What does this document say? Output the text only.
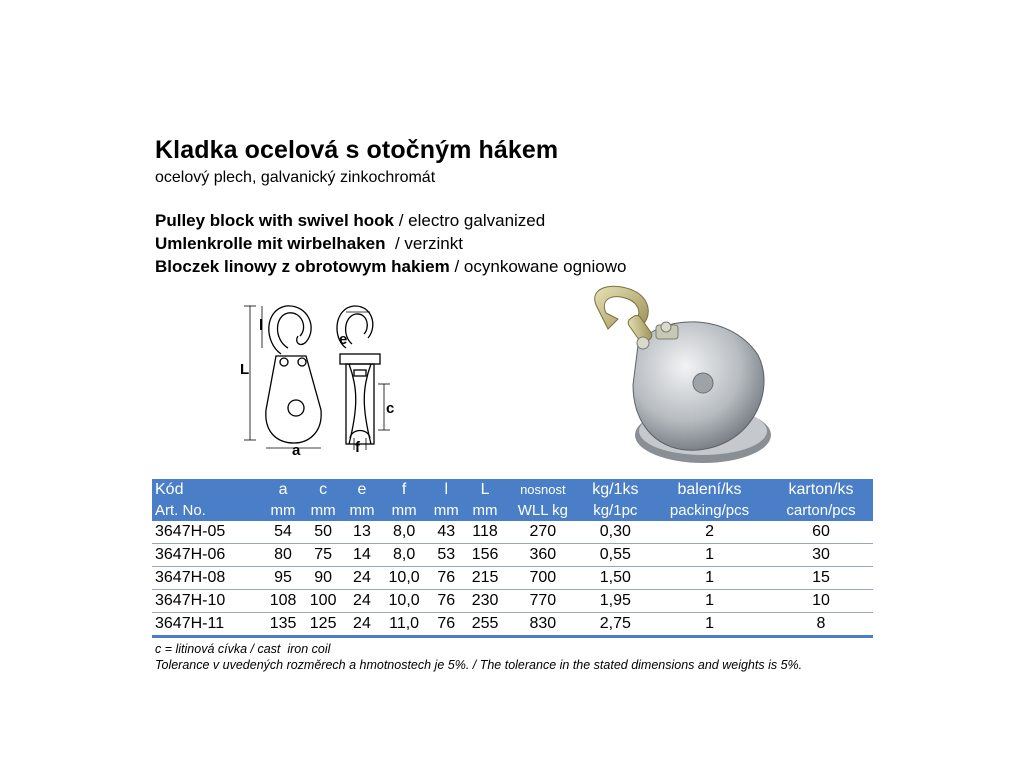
Kladka ocelová s otočným hákem
ocelový plech, galvanický zinkochromát
Pulley block with swivel hook / electro galvanized
Umlenkrolle mit wirbelhaken  / verzinkt
Bloczek linowy z obrotowym hakiem / ocynkowane ogniowo
l
L
a
e
c
f
Kód	a	c	e	f	l	L	nosnost	kg/1ks	balení/ks	karton/ks
Art. No.	mm	mm	mm	mm	mm	mm	WLL kg	kg/1pc	packing/pcs	carton/pcs
3647H-05	54	50	13	8,0	43	118	270	0,30	2	60
3647H-06	80	75	14	8,0	53	156	360	0,55	1	30
3647H-08	95	90	24	10,0	76	215	700	1,50	1	15
3647H-10	108	100	24	10,0	76	230	770	1,95	1	10
3647H-11	135	125	24	11,0	76	255	830	2,75	1	8
c = litinová cívka / cast  iron coil
Tolerance v uvedených rozměrech a hmotnostech je 5%. / The tolerance in the stated dimensions and weights is 5%.
